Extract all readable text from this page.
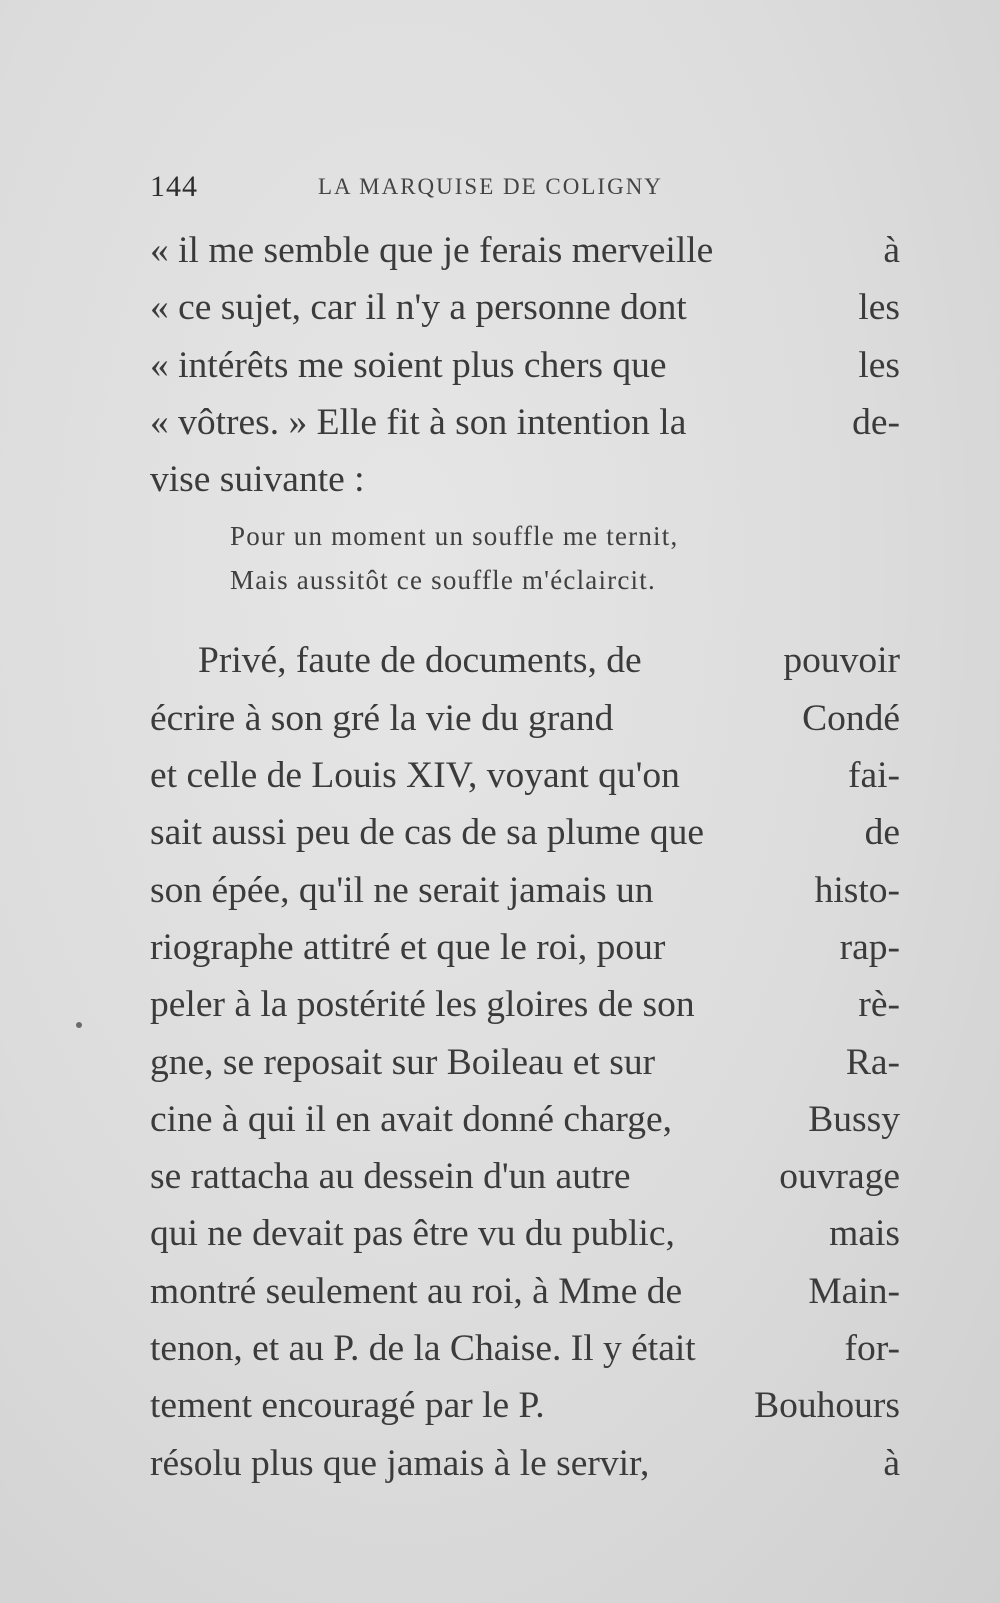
144	LA MARQUISE DE COLIGNY
« il me semble que je ferais merveille	à
« ce sujet, car il n'y a personne dont	les
« intérêts me soient plus chers que	les
« vôtres. » Elle fit à son intention la	de-
vise suivante :
Pour un moment un souffle me ternit,
Mais aussitôt ce souffle m'éclaircit.
Privé, faute de documents, de	pouvoir
écrire à son gré la vie du grand	Condé
et celle de Louis XIV, voyant qu'on	fai-
sait aussi peu de cas de sa plume que	de
son épée, qu'il ne serait jamais un	histo-
riographe attitré et que le roi, pour	rap-
peler à la postérité les gloires de son	rè-
gne, se reposait sur Boileau et sur	Ra-
cine à qui il en avait donné charge,	Bussy
se rattacha au dessein d'un autre	ouvrage
qui ne devait pas être vu du public,	mais
montré seulement au roi, à Mme de	Main-
tenon, et au P. de la Chaise. Il y était	for-
tement encouragé par le P.	Bouhours
résolu plus que jamais à le servir,	à
